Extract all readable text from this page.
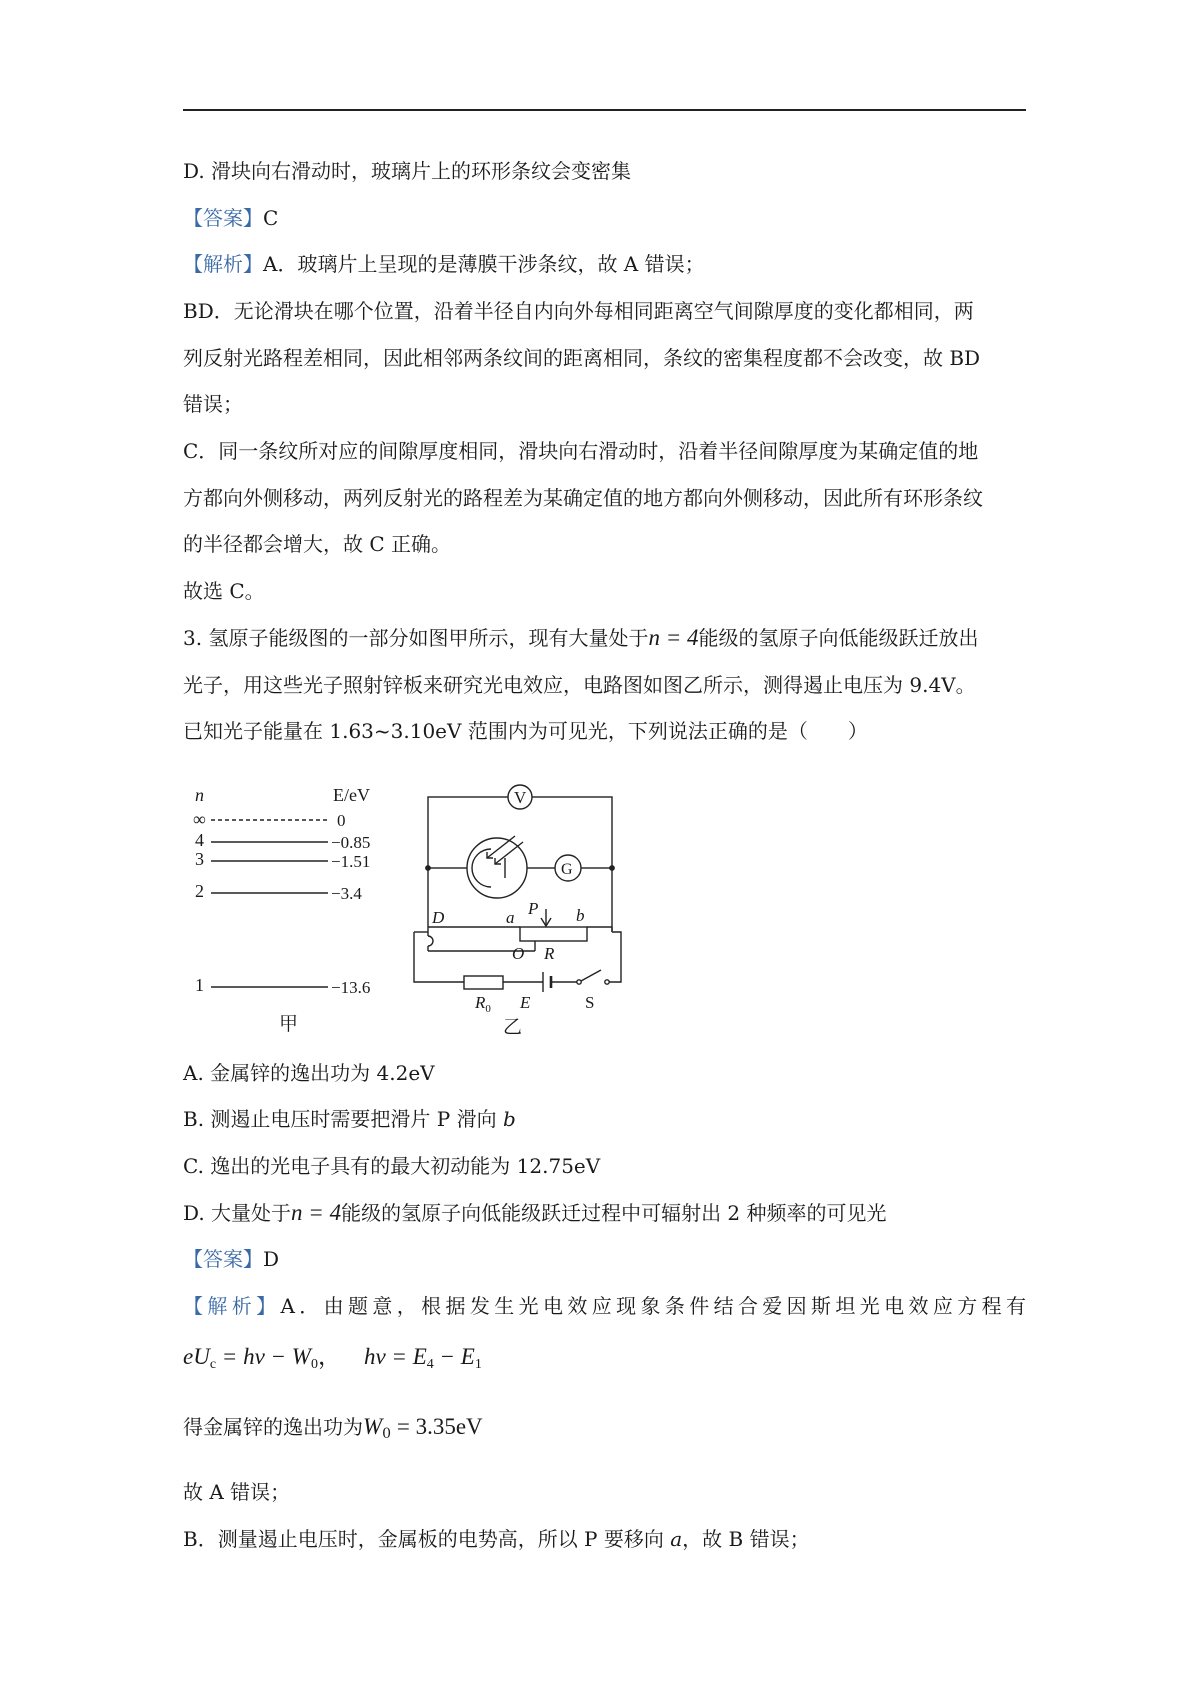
D. 滑块向右滑动时，玻璃片上的环形条纹会变密集
【答案】C
【解析】A．玻璃片上呈现的是薄膜干涉条纹，故 A 错误；
BD．无论滑块在哪个位置，沿着半径自内向外每相同距离空气间隙厚度的变化都相同，两
列反射光路程差相同，因此相邻两条纹间的距离相同，条纹的密集程度都不会改变，故 BD
错误；
C．同一条纹所对应的间隙厚度相同，滑块向右滑动时，沿着半径间隙厚度为某确定值的地
方都向外侧移动，两列反射光的路程差为某确定值的地方都向外侧移动，因此所有环形条纹
的半径都会增大，故 C 正确。
故选 C。
3. 氢原子能级图的一部分如图甲所示，现有大量处于n = 4能级的氢原子向低能级跃迁放出
光子，用这些光子照射锌板来研究光电效应，电路图如图乙所示，测得遏止电压为 9.4V。
已知光子能量在 1.63~3.10eV 范围内为可见光，下列说法正确的是（　　）
n	E/eV
∞	0
4	−0.85
3	−1.51
2	−3.4
1	−13.6
甲
V
G
D	a P b
O R
$R_0$ E	S
乙
A. 金属锌的逸出功为 4.2eV
B. 测遏止电压时需要把滑片 P 滑向 b
C. 逸出的光电子具有的最大初动能为 12.75eV
D. 大量处于n = 4能级的氢原子向低能级跃迁过程中可辐射出 2 种频率的可见光
【答案】D
【解析】A．由题意，根据发生光电效应现象条件结合爱因斯坦光电效应方程有
$eU_c = h\nu - W_0$，  $h\nu = E_4 - E_1$
得金属锌的逸出功为$W_0 = 3.35eV$
故 A 错误；
B．测量遏止电压时，金属板的电势高，所以 P 要移向 a，故 B 错误；
